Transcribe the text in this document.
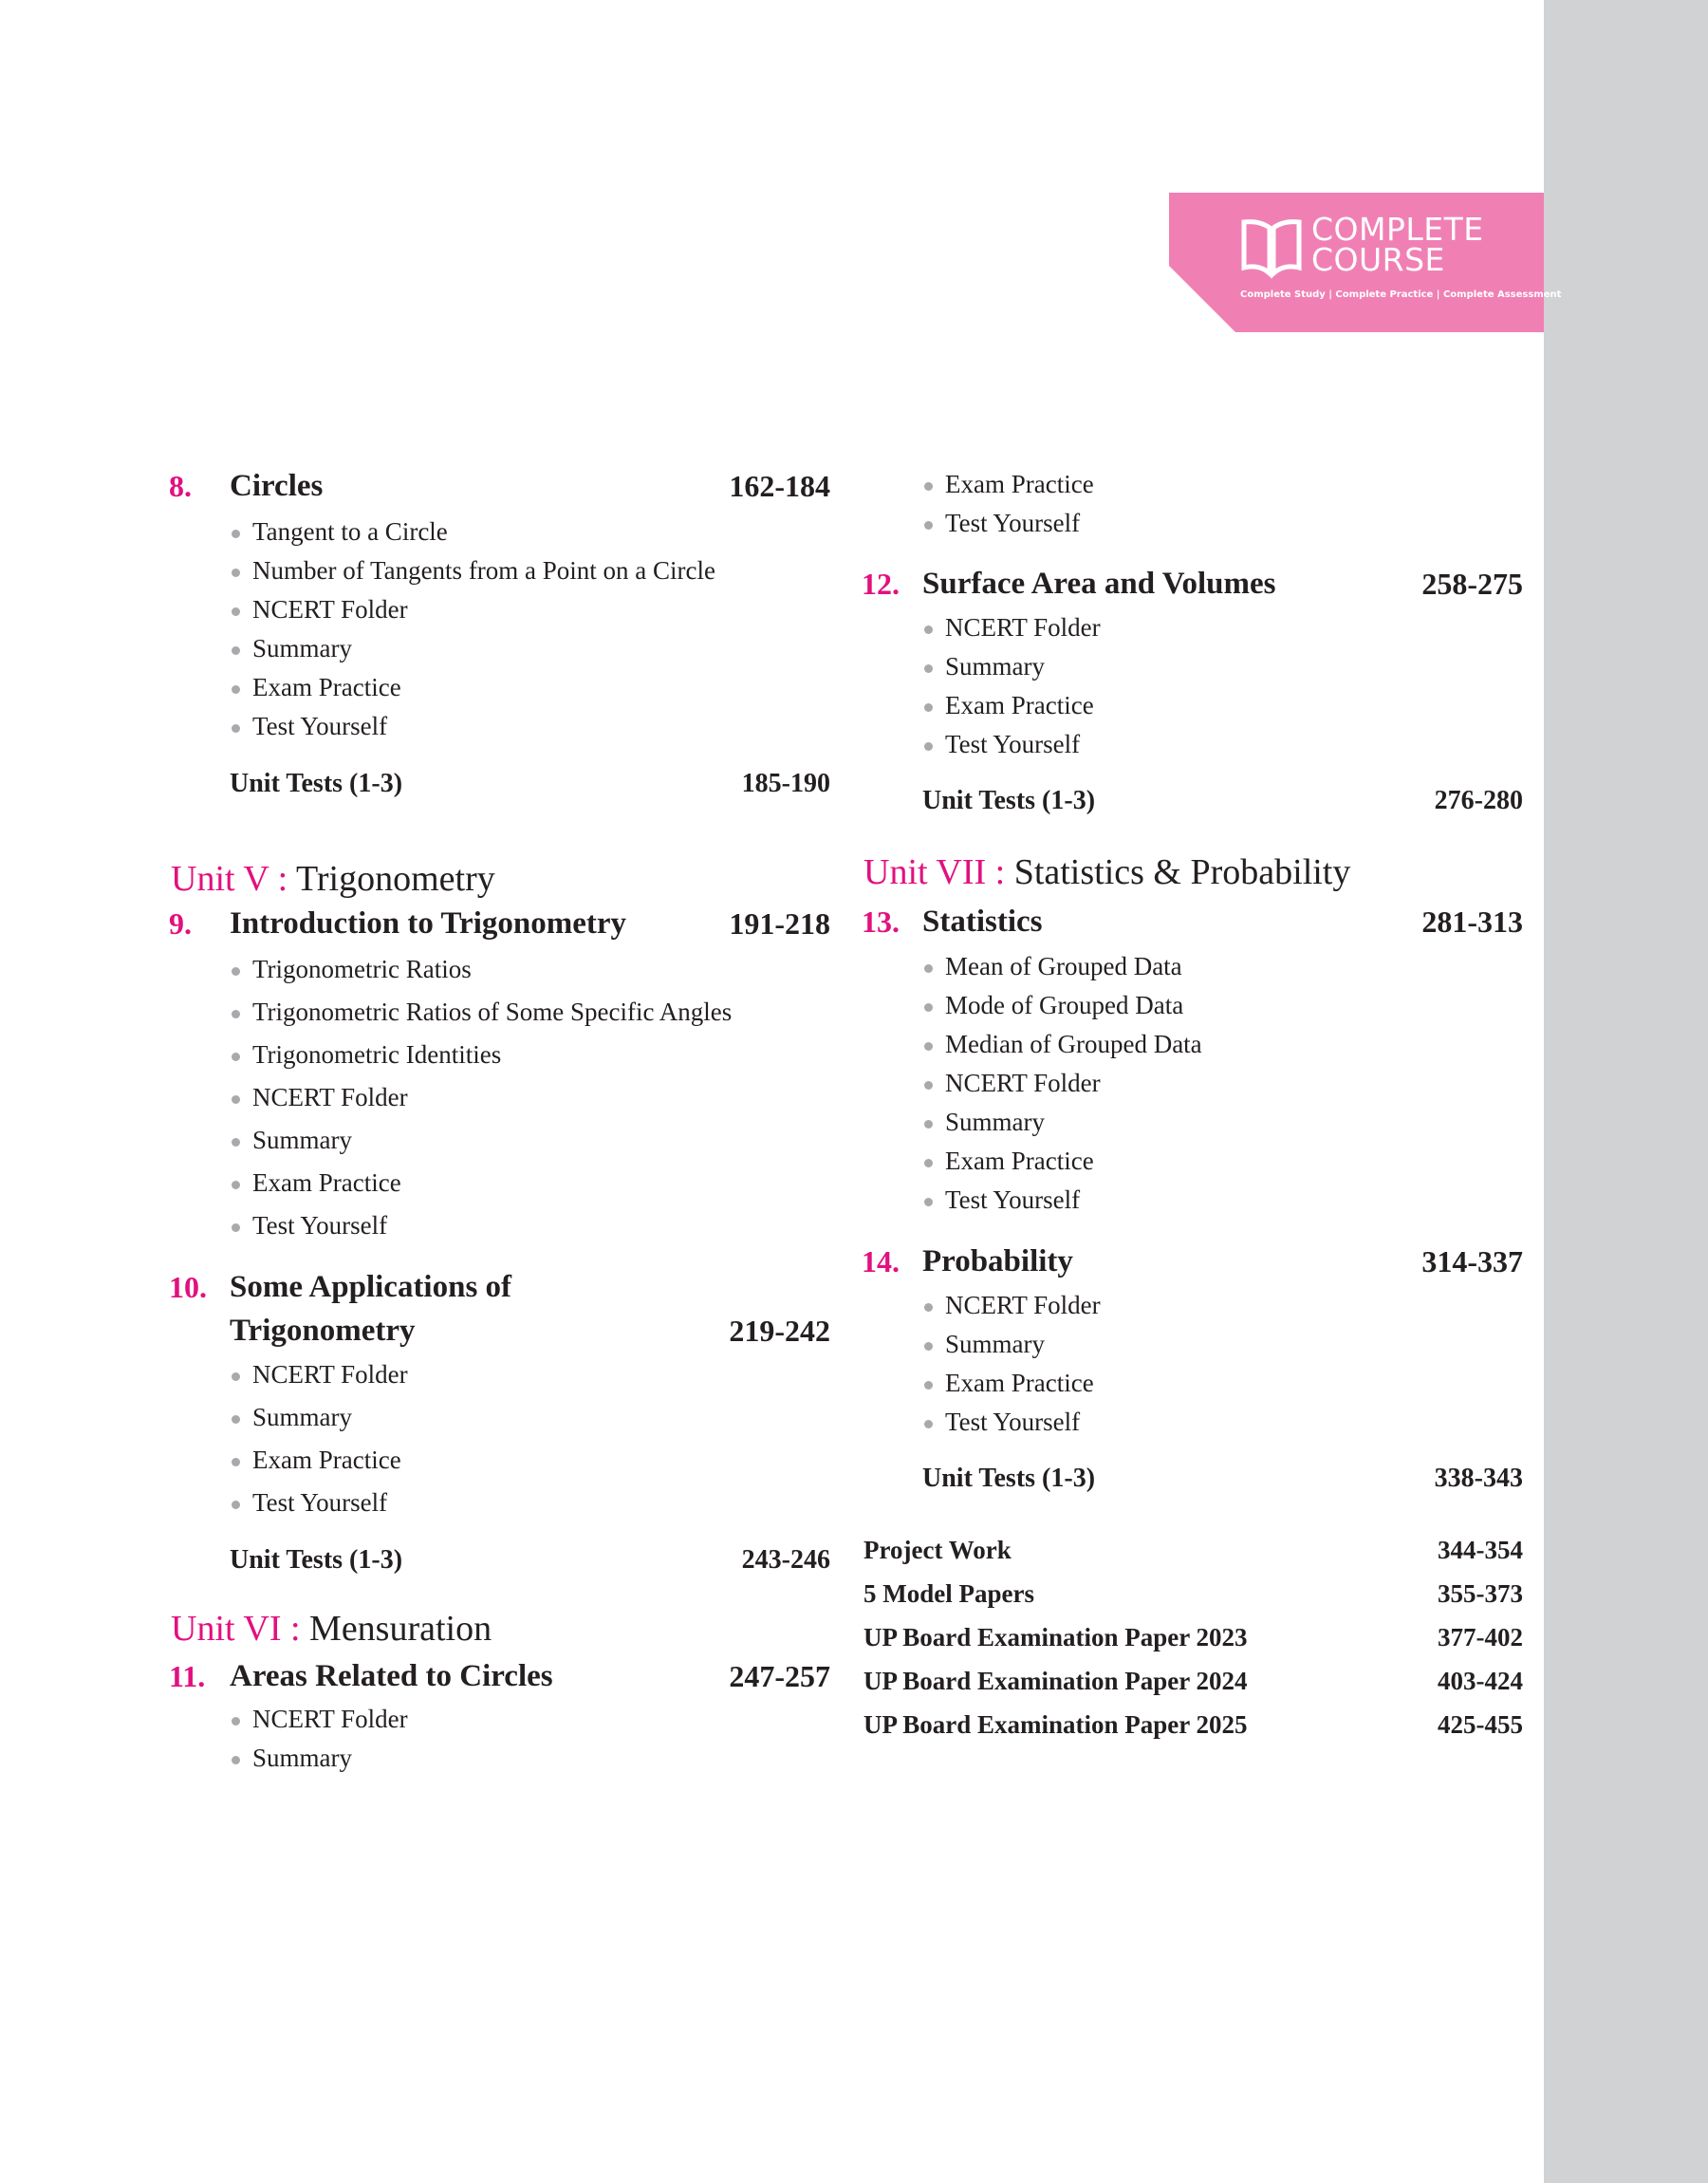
COMPLETE
COURSE
Complete Study | Complete Practice | Complete Assessment
8. Circles	162-184
Tangent to a Circle
Number of Tangents from a Point on a Circle
NCERT Folder
Summary
Exam Practice
Test Yourself
Unit Tests (1-3)	185-190
Unit V : Trigonometry
9. Introduction to Trigonometry	191-218
Trigonometric Ratios
Trigonometric Ratios of Some Specific Angles
Trigonometric Identities
NCERT Folder
Summary
Exam Practice
Test Yourself
10. Some Applications of
Trigonometry	219-242
NCERT Folder
Summary
Exam Practice
Test Yourself
Unit Tests (1-3)	243-246
Unit VI : Mensuration
11. Areas Related to Circles	247-257
NCERT Folder
Summary
Exam Practice
Test Yourself
12. Surface Area and Volumes	258-275
NCERT Folder
Summary
Exam Practice
Test Yourself
Unit Tests (1-3)	276-280
Unit VII : Statistics & Probability
13. Statistics	281-313
Mean of Grouped Data
Mode of Grouped Data
Median of Grouped Data
NCERT Folder
Summary
Exam Practice
Test Yourself
14. Probability	314-337
NCERT Folder
Summary
Exam Practice
Test Yourself
Unit Tests (1-3)	338-343
Project Work	344-354
5 Model Papers	355-373
UP Board Examination Paper 2023	377-402
UP Board Examination Paper 2024	403-424
UP Board Examination Paper 2025	425-455
